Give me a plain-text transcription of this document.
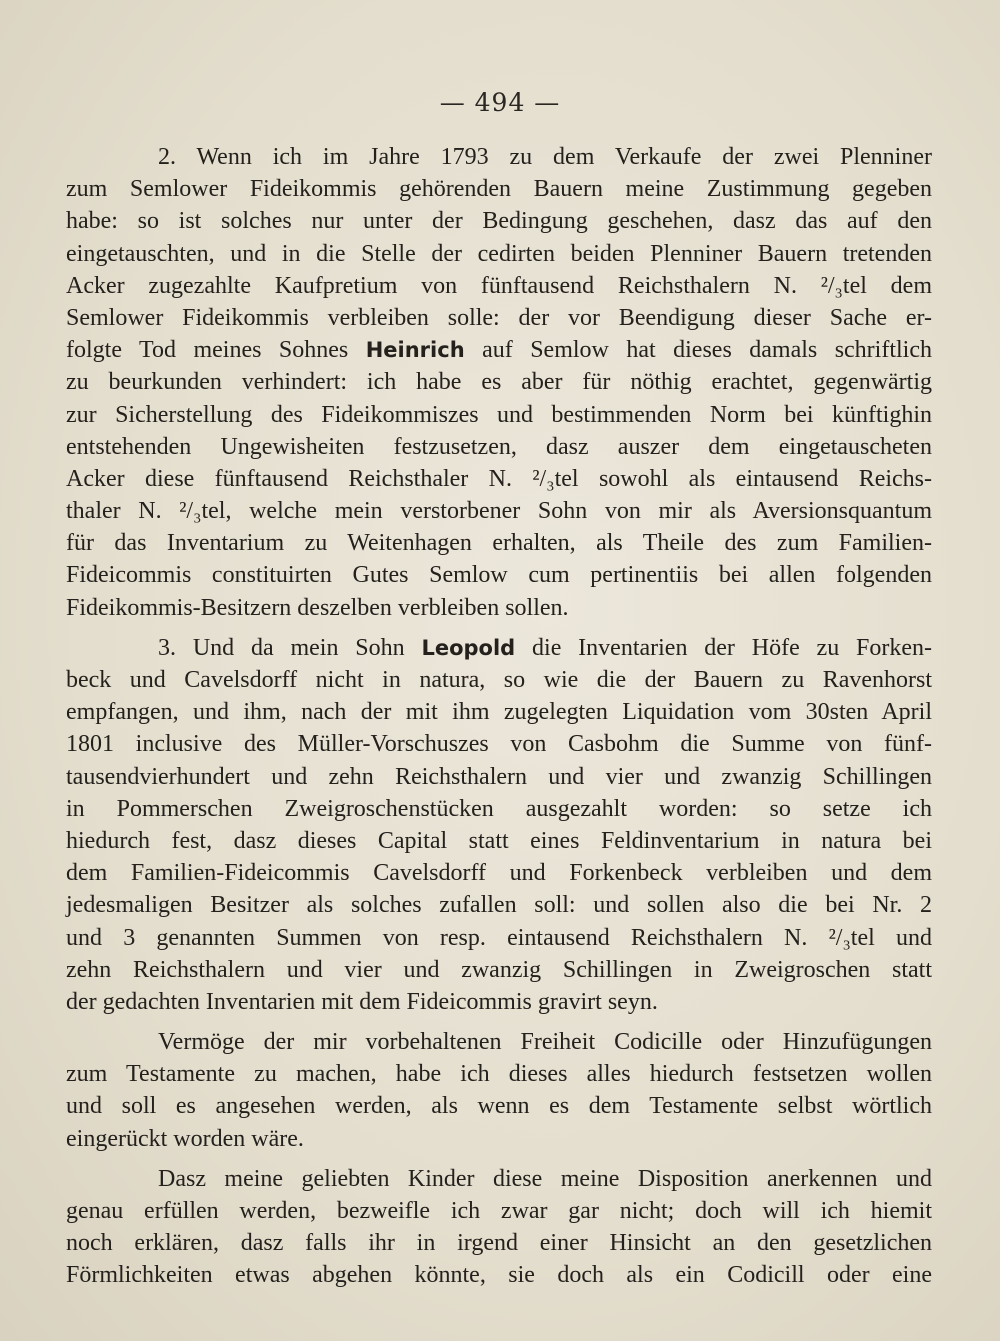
— 494 —
2. Wenn ich im Jahre 1793 zu dem Verkaufe der zwei Plenniner
zum Semlower Fideikommis gehörenden Bauern meine Zustimmung gegeben
habe: so ist solches nur unter der Bedingung geschehen, dasz das auf den
eingetauschten, und in die Stelle der cedirten beiden Plenniner Bauern tretenden
Acker zugezahlte Kaufpretium von fünftausend Reichsthalern N. ²/₃tel dem
Semlower Fideikommis verbleiben solle: der vor Beendigung dieser Sache er-
folgte Tod meines Sohnes Heinrich auf Semlow hat dieses damals schriftlich
zu beurkunden verhindert: ich habe es aber für nöthig erachtet, gegenwärtig
zur Sicherstellung des Fideikommiszes und bestimmenden Norm bei künftighin
entstehenden Ungewisheiten festzusetzen, dasz auszer dem eingetauscheten
Acker diese fünftausend Reichsthaler N. ²/₃tel sowohl als eintausend Reichs-
thaler N. ²/₃tel, welche mein verstorbener Sohn von mir als Aversionsquantum
für das Inventarium zu Weitenhagen erhalten, als Theile des zum Familien-
Fideicommis constituirten Gutes Semlow cum pertinentiis bei allen folgenden
Fideikommis-Besitzern deszelben verbleiben sollen.
3. Und da mein Sohn Leopold die Inventarien der Höfe zu Forken-
beck und Cavelsdorff nicht in natura, so wie die der Bauern zu Ravenhorst
empfangen, und ihm, nach der mit ihm zugelegten Liquidation vom 30sten April
1801 inclusive des Müller-Vorschuszes von Casbohm die Summe von fünf-
tausendvierhundert und zehn Reichsthalern und vier und zwanzig Schillingen
in Pommerschen Zweigroschenstücken ausgezahlt worden: so setze ich
hiedurch fest, dasz dieses Capital statt eines Feldinventarium in natura bei
dem Familien-Fideicommis Cavelsdorff und Forkenbeck verbleiben und dem
jedesmaligen Besitzer als solches zufallen soll: und sollen also die bei Nr. 2
und 3 genannten Summen von resp. eintausend Reichsthalern N. ²/₃tel und
zehn Reichsthalern und vier und zwanzig Schillingen in Zweigroschen statt
der gedachten Inventarien mit dem Fideicommis gravirt seyn.
Vermöge der mir vorbehaltenen Freiheit Codicille oder Hinzufügungen
zum Testamente zu machen, habe ich dieses alles hiedurch festsetzen wollen
und soll es angesehen werden, als wenn es dem Testamente selbst wörtlich
eingerückt worden wäre.
Dasz meine geliebten Kinder diese meine Disposition anerkennen und
genau erfüllen werden, bezweifle ich zwar gar nicht; doch will ich hiemit
noch erklären, dasz falls ihr in irgend einer Hinsicht an den gesetzlichen
Förmlichkeiten etwas abgehen könnte, sie doch als ein Codicill oder eine
